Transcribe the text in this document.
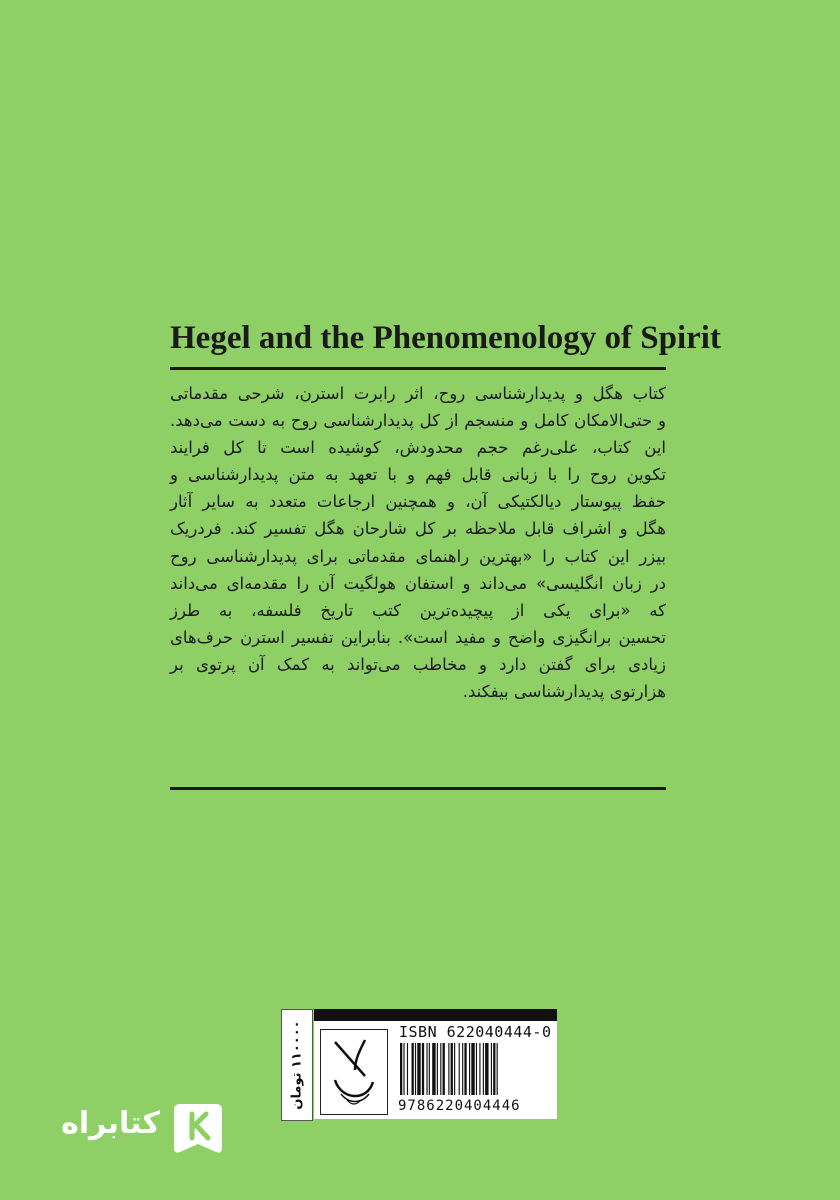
Hegel and the Phenomenology of Spirit
کتاب هگل و پدیدارشناسی روح، اثر رابرت استرن، شرحی مقدماتی
و حتی‌الامکان کامل و منسجم از کل پدیدارشناسی روح به دست می‌دهد.
این کتاب، علی‌رغم حجم محدودش، کوشیده است تا کل فرایند
تکوین روح را با زبانی قابل فهم و با تعهد به متن پدیدارشناسی و
حفظ پیوستار دیالکتیکی آن، و همچنین ارجاعات متعدد به سایر آثار
هگل و اشراف قابل ملاحظه بر کل شارحان هگل تفسیر کند. فردریک
بیزر این کتاب را «بهترین راهنمای مقدماتی برای پدیدارشناسی روح
در زبان انگلیسی» می‌داند و استفان هولگیت آن را مقدمه‌ای می‌داند
که «برای یکی از پیچیده‌ترین کتب تاریخ فلسفه، به طرز
تحسین برانگیزی واضح و مفید است». بنابراین تفسیر استرن حرف‌های
زیادی برای گفتن دارد و مخاطب می‌تواند به کمک آن پرتوی بر
هزارتوی پدیدارشناسی بیفکند.
۱۱۰۰۰۰ تومان	ISBN 622040444-0
9786220404446
کتابراه
